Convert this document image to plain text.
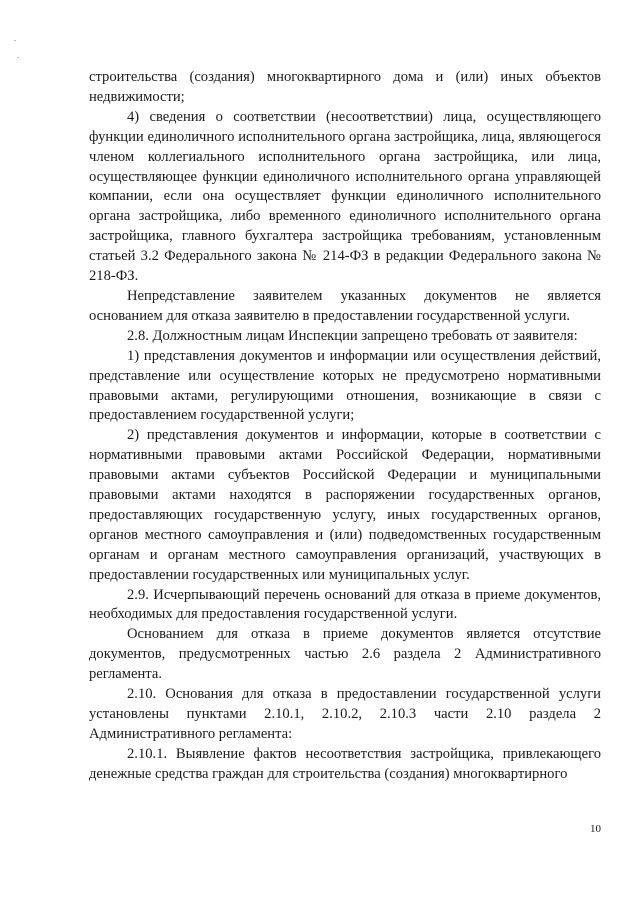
строительства (создания) многоквартирного дома и (или) иных объектов недвижимости;

4) сведения о соответствии (несоответствии) лица, осуществляющего функции единоличного исполнительного органа застройщика, лица, являющегося членом коллегиального исполнительного органа застройщика, или лица, осуществляющее функции единоличного исполнительного органа управляющей компании, если она осуществляет функции единоличного исполнительного органа застройщика, либо временного единоличного исполнительного органа застройщика, главного бухгалтера застройщика требованиям, установленным статьей 3.2 Федерального закона № 214-ФЗ в редакции Федерального закона № 218-ФЗ.

Непредставление заявителем указанных документов не является основанием для отказа заявителю в предоставлении государственной услуги.

2.8. Должностным лицам Инспекции запрещено требовать от заявителя:

1) представления документов и информации или осуществления действий, представление или осуществление которых не предусмотрено нормативными правовыми актами, регулирующими отношения, возникающие в связи с предоставлением государственной услуги;

2) представления документов и информации, которые в соответствии с нормативными правовыми актами Российской Федерации, нормативными правовыми актами субъектов Российской Федерации и муниципальными правовыми актами находятся в распоряжении государственных органов, предоставляющих государственную услугу, иных государственных органов, органов местного самоуправления и (или) подведомственных государственным органам и органам местного самоуправления организаций, участвующих в предоставлении государственных или муниципальных услуг.

2.9. Исчерпывающий перечень оснований для отказа в приеме документов, необходимых для предоставления государственной услуги.

Основанием для отказа в приеме документов является отсутствие документов, предусмотренных частью 2.6 раздела 2 Административного регламента.

2.10. Основания для отказа в предоставлении государственной услуги установлены пунктами 2.10.1, 2.10.2, 2.10.3 части 2.10 раздела 2 Административного регламента:

2.10.1. Выявление фактов несоответствия застройщика, привлекающего денежные средства граждан для строительства (создания) многоквартирного

10
